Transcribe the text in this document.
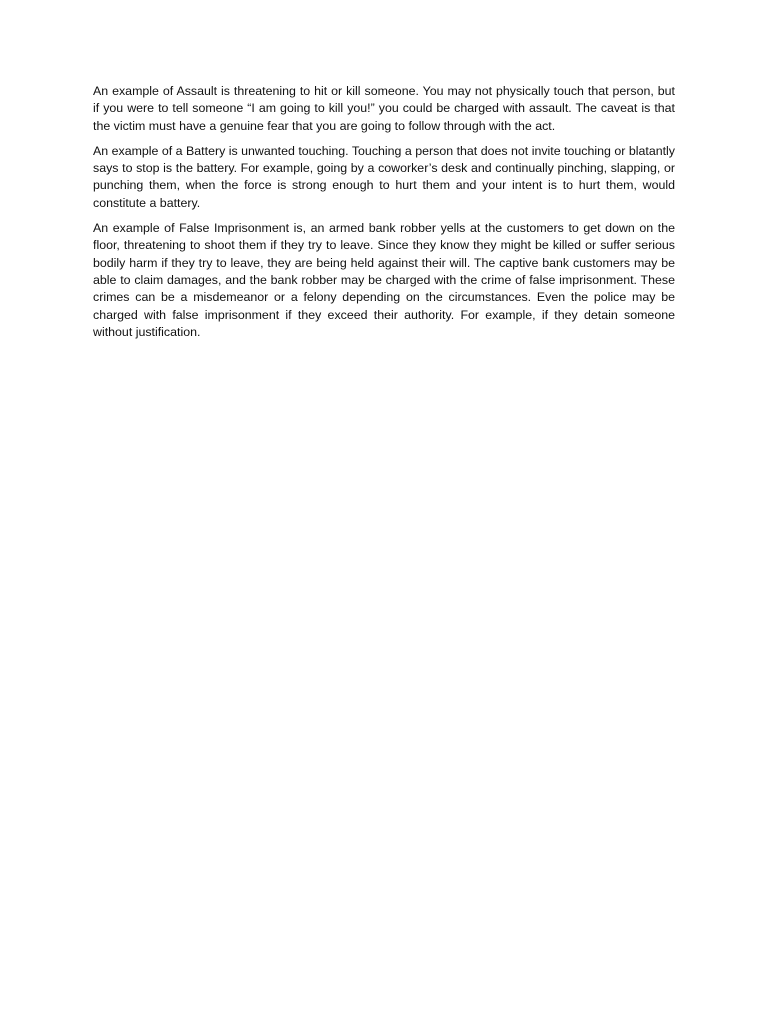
An example of Assault is threatening to hit or kill someone. You may not physically touch that person, but if you were to tell someone “I am going to kill you!” you could be charged with assault. The caveat is that the victim must have a genuine fear that you are going to follow through with the act.

An example of a Battery is unwanted touching. Touching a person that does not invite touching or blatantly says to stop is the battery. For example, going by a coworker’s desk and continually pinching, slapping, or punching them, when the force is strong enough to hurt them and your intent is to hurt them, would constitute a battery.

An example of False Imprisonment is, an armed bank robber yells at the customers to get down on the floor, threatening to shoot them if they try to leave. Since they know they might be killed or suffer serious bodily harm if they try to leave, they are being held against their will. The captive bank customers may be able to claim damages, and the bank robber may be charged with the crime of false imprisonment. These crimes can be a misdemeanor or a felony depending on the circumstances. Even the police may be charged with false imprisonment if they exceed their authority. For example, if they detain someone without justification.
